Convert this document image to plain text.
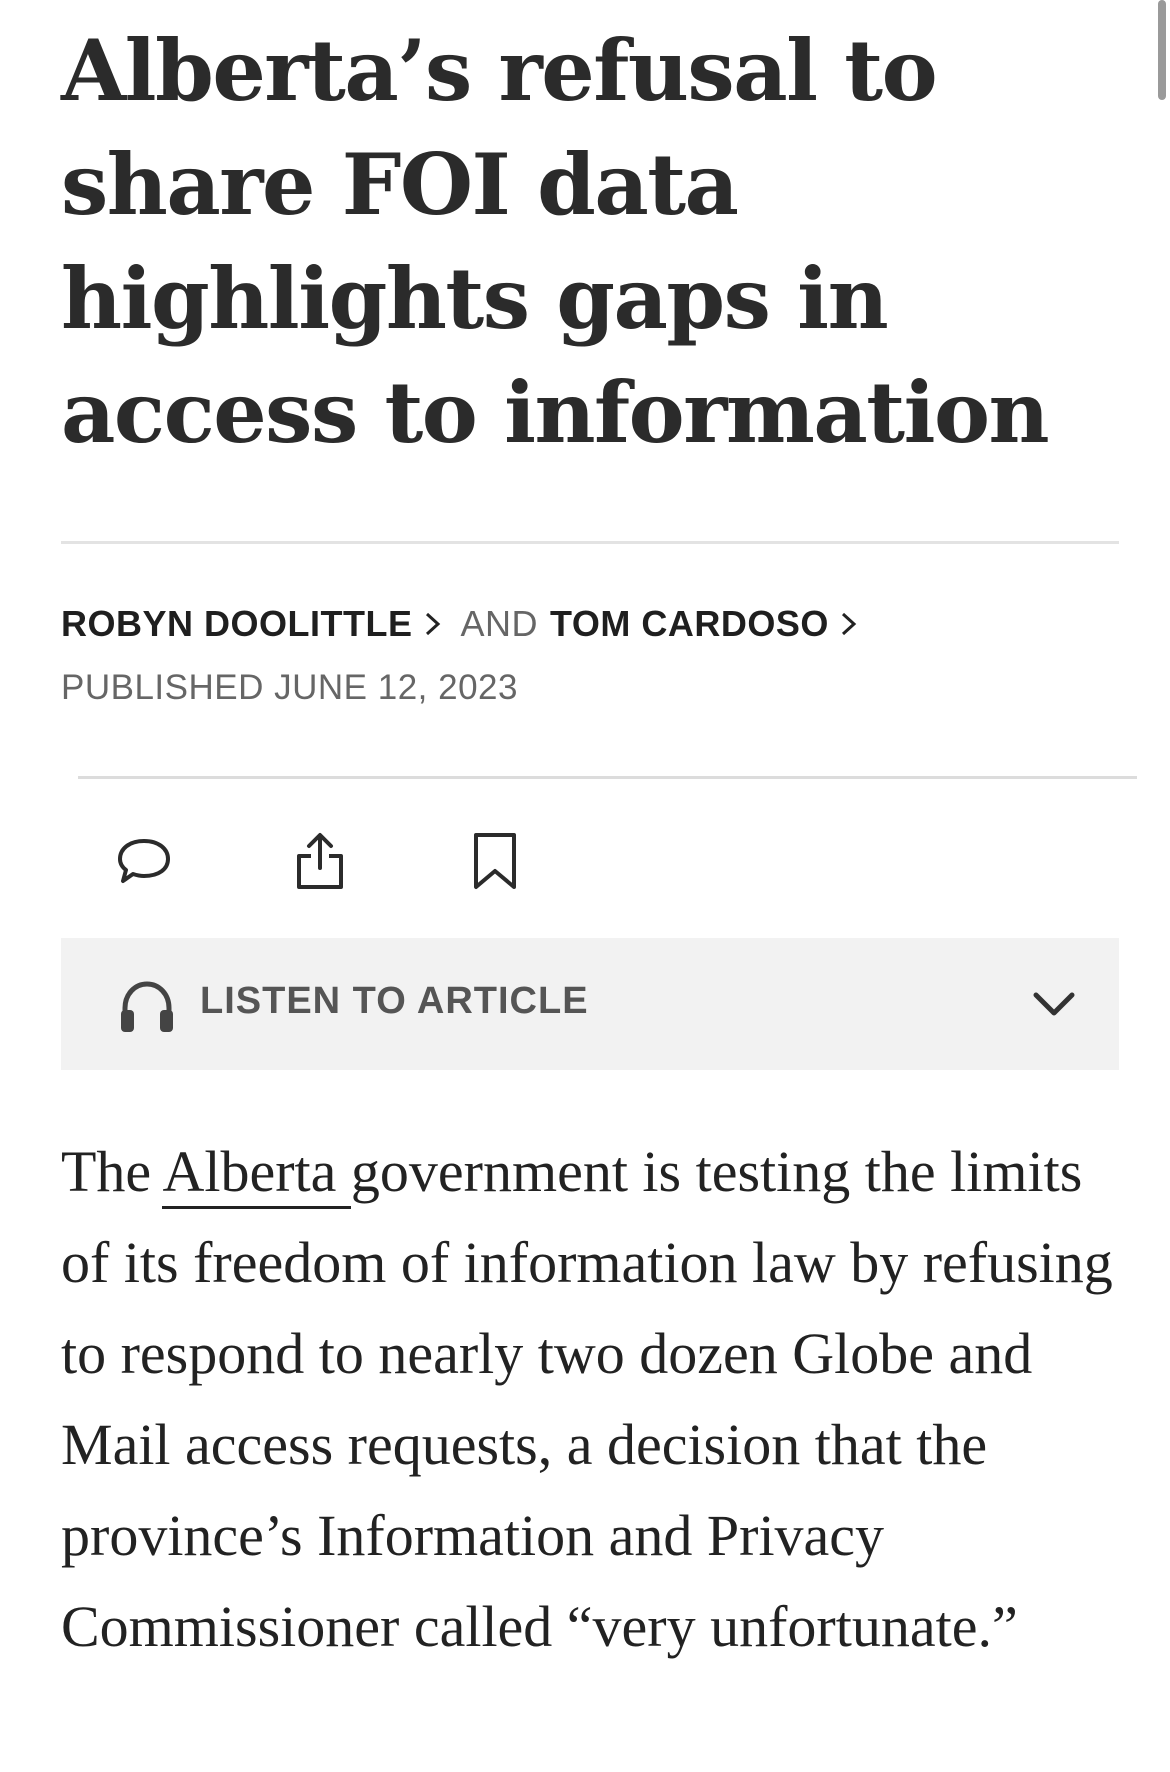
Alberta’s refusal to share FOI data highlights gaps in access to information
ROBYN DOOLITTLE AND TOM CARDOSO
PUBLISHED JUNE 12, 2023
LISTEN TO ARTICLE

The Alberta government is testing the limits of its freedom of information law by refusing to respond to nearly two dozen Globe and Mail access requests, a decision that the province’s Information and Privacy Commissioner called “very unfortunate.”
